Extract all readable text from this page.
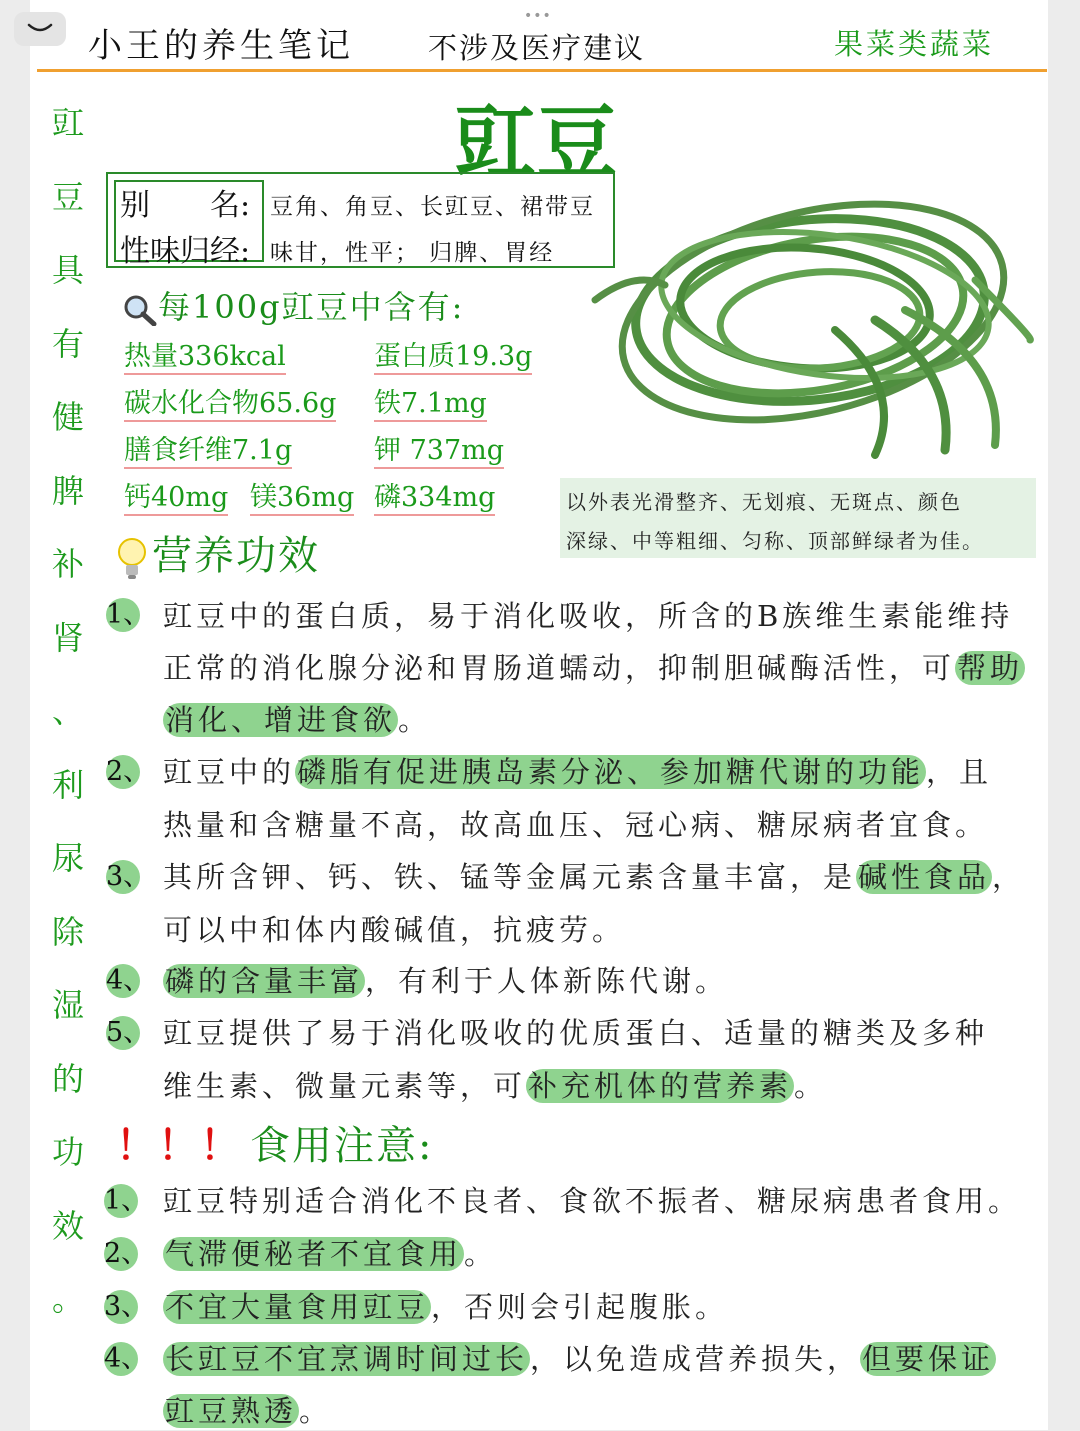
•••
小王的养生笔记	不涉及医疗建议	果菜类蔬菜
豇
豆
具
有
健
脾
补
肾
、
利
尿
除
湿
的
功
效
。
豇豆
别　　名: 豆角、角豆、长豇豆、裙带豆
性味归经: 味甘，性平； 归脾、胃经
每100g豇豆中含有:
热量336kcal	蛋白质19.3g
碳水化合物65.6g 铁7.1mg
膳食纤维7.1g	钾 737mg
钙40mg 镁36mg 磷334mg	以外表光滑整齐、无划痕、无斑点、颜色
深绿、中等粗细、匀称、顶部鲜绿者为佳。
营养功效
1、 豇豆中的蛋白质，易于消化吸收，所含的B族维生素能维持
正常的消化腺分泌和胃肠道蠕动，抑制胆碱酶活性，可帮助
消化、增进食欲。
2、 豇豆中的磷脂有促进胰岛素分泌、参加糖代谢的功能，且
热量和含糖量不高，故高血压、冠心病、糖尿病者宜食。
3、 其所含钾、钙、铁、锰等金属元素含量丰富，是碱性食品，
可以中和体内酸碱值，抗疲劳。
4、 磷的含量丰富，有利于人体新陈代谢。
5、 豇豆提供了易于消化吸收的优质蛋白、适量的糖类及多种
维生素、微量元素等，可补充机体的营养素。
！！！ 食用注意:
1、 豇豆特别适合消化不良者、食欲不振者、糖尿病患者食用。
2、 气滞便秘者不宜食用。
3、 不宜大量食用豇豆，否则会引起腹胀。
4、 长豇豆不宜烹调时间过长，以免造成营养损失，但要保证
豇豆熟透。
